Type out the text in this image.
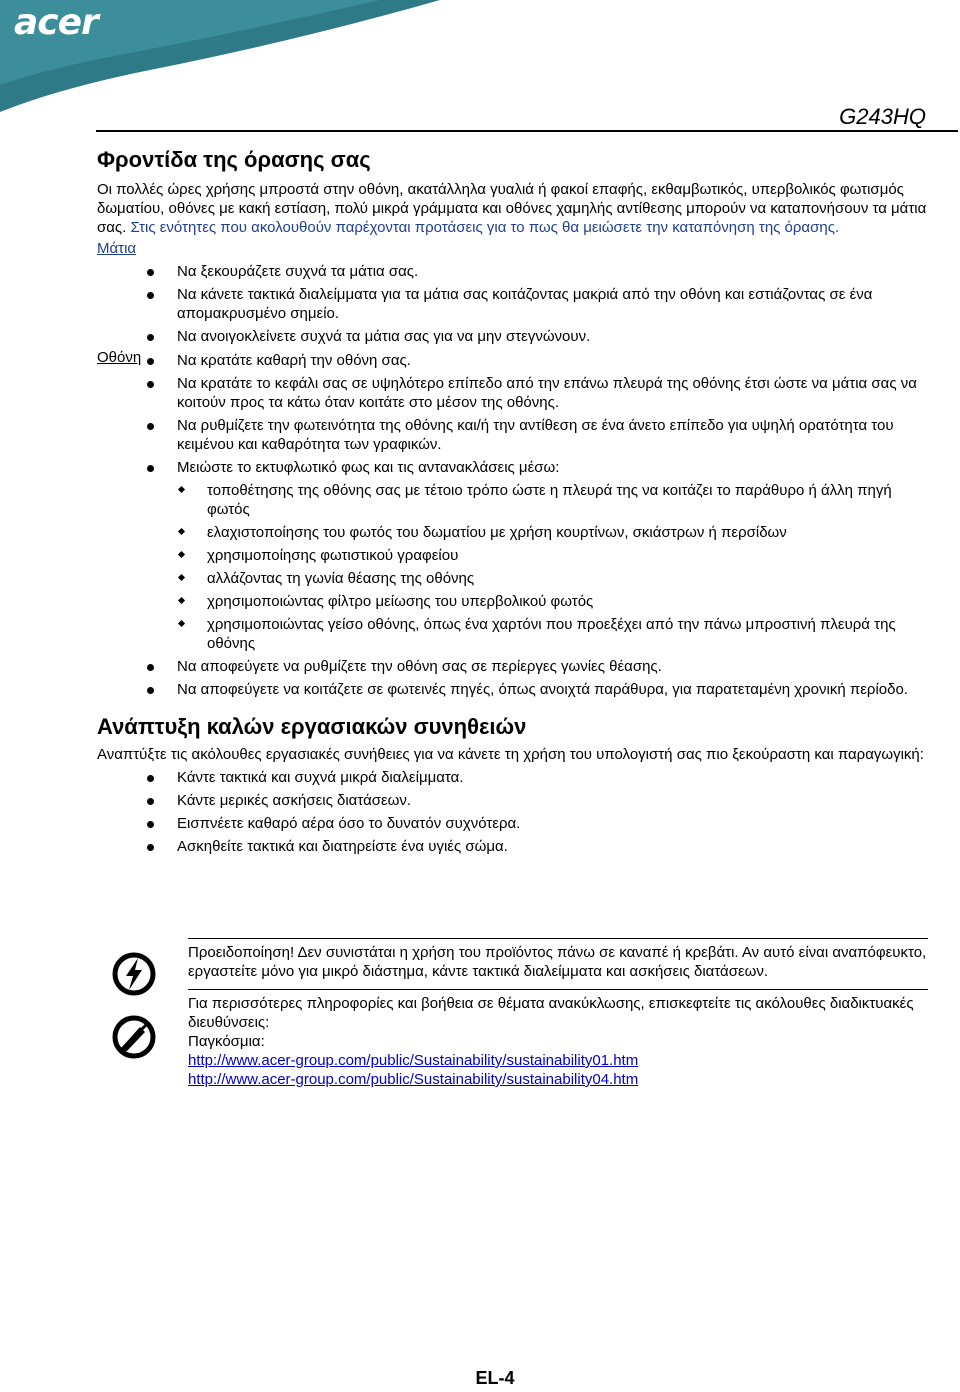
acer
G243HQ
Φροντίδα της όρασης σας

Οι πολλές ώρες χρήσης μπροστά στην οθόνη, ακατάλληλα γυαλιά ή φακοί επαφής, εκθαμβωτικός, υπερβολικός φωτισμός δωματίου, οθόνες με κακή εστίαση, πολύ μικρά γράμματα και οθόνες χαμηλής αντίθεσης μπορούν να καταπονήσουν τα μάτια σας. Στις ενότητες που ακολουθούν παρέχονται προτάσεις για το πως θα μειώσετε την καταπόνηση της όρασης.

Μάτια
Να ξεκουράζετε συχνά τα μάτια σας.
Να κάνετε τακτικά διαλείμματα για τα μάτια σας κοιτάζοντας μακριά από την οθόνη και εστιάζοντας σε ένα απομακρυσμένο σημείο.
Να ανοιγοκλείνετε συχνά τα μάτια σας για να μην στεγνώνουν.
Οθόνη	Να κρατάτε καθαρή την οθόνη σας.
Να κρατάτε το κεφάλι σας σε υψηλότερο επίπεδο από την επάνω πλευρά της οθόνης έτσι ώστε να μάτια σας να κοιτούν προς τα κάτω όταν κοιτάτε στο μέσον της οθόνης.
Να ρυθμίζετε την φωτεινότητα της οθόνης και/ή την αντίθεση σε ένα άνετο επίπεδο για υψηλή ορατότητα του κειμένου και καθαρότητα των γραφικών.
Μειώστε το εκτυφλωτικό φως και τις αντανακλάσεις μέσω:
τοποθέτησης της οθόνης σας με τέτοιο τρόπο ώστε η πλευρά της να κοιτάζει το παράθυρο ή άλλη πηγή φωτός
ελαχιστοποίησης του φωτός του δωματίου με χρήση κουρτίνων, σκιάστρων ή περσίδων
χρησιμοποίησης φωτιστικού γραφείου
αλλάζοντας τη γωνία θέασης της οθόνης
χρησιμοποιώντας φίλτρο μείωσης του υπερβολικού φωτός
χρησιμοποιώντας γείσο οθόνης, όπως ένα χαρτόνι που προεξέχει από την πάνω μπροστινή πλευρά της οθόνης
Να αποφεύγετε να ρυθμίζετε την οθόνη σας σε περίεργες γωνίες θέασης.
Να αποφεύγετε να κοιτάζετε σε φωτεινές πηγές, όπως ανοιχτά παράθυρα, για παρατεταμένη χρονική περίοδο.
Ανάπτυξη καλών εργασιακών συνηθειών

Αναπτύξτε τις ακόλουθες εργασιακές συνήθειες για να κάνετε τη χρήση του υπολογιστή σας πιο ξεκούραστη και παραγωγική:

Κάντε τακτικά και συχνά μικρά διαλείμματα.
Κάντε μερικές ασκήσεις διατάσεων.
Εισπνέετε καθαρό αέρα όσο το δυνατόν συχνότερα.
Ασκηθείτε τακτικά και διατηρείστε ένα υγιές σώμα.

Προειδοποίηση! Δεν συνιστάται η χρήση του προϊόντος πάνω σε καναπέ ή κρεβάτι. Αν αυτό είναι αναπόφευκτο, εργαστείτε μόνο για μικρό διάστημα, κάντε τακτικά διαλείμματα και ασκήσεις διατάσεων.

Για περισσότερες πληροφορίες και βοήθεια σε θέματα ανακύκλωσης, επισκεφτείτε τις ακόλουθες διαδικτυακές διευθύνσεις:

Παγκόσμια:

http://www.acer-group.com/public/Sustainability/sustainability01.htm
http://www.acer-group.com/public/Sustainability/sustainability04.htm
EL-4
